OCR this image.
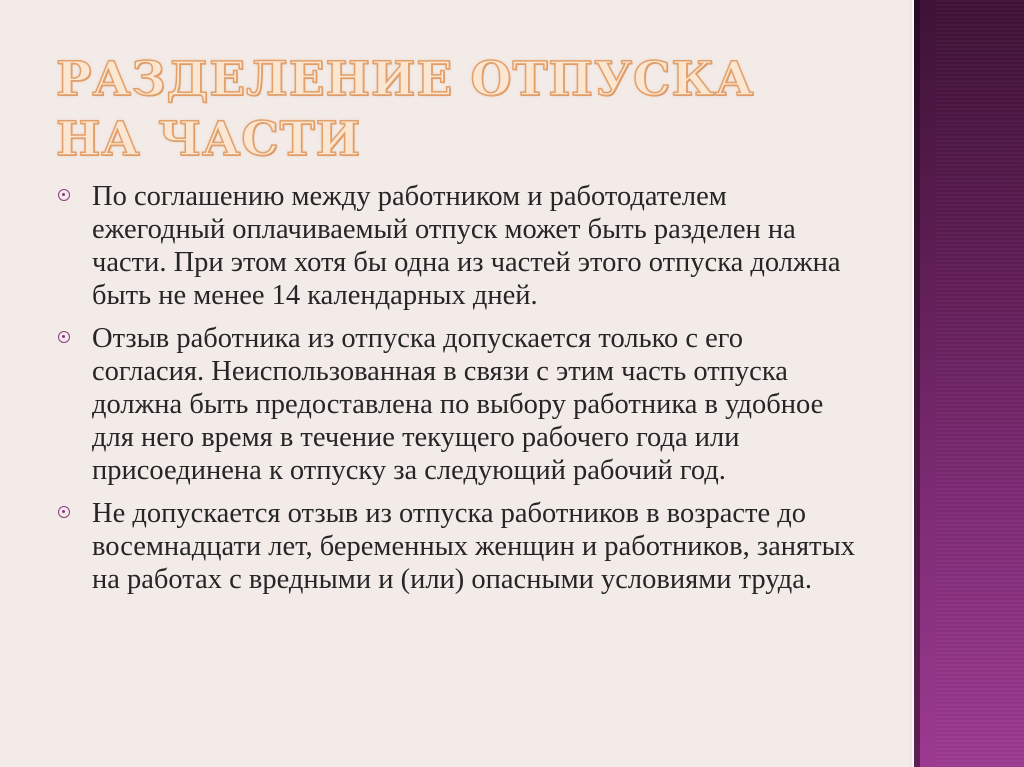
РАЗДЕЛЕНИЕ ОТПУСКА НА ЧАСТИ
По соглашению между работником и работодателем ежегодный оплачиваемый отпуск может быть разделен на части. При этом хотя бы одна из частей этого отпуска должна быть не менее 14 календарных дней.
Отзыв работника из отпуска допускается только с его согласия. Неиспользованная в связи с этим часть отпуска должна быть предоставлена по выбору работника в удобное для него время в течение текущего рабочего года или присоединена к отпуску за следующий рабочий год.
Не допускается отзыв из отпуска работников в возрасте до восемнадцати лет, беременных женщин и работников, занятых на работах с вредными и (или) опасными условиями труда.
